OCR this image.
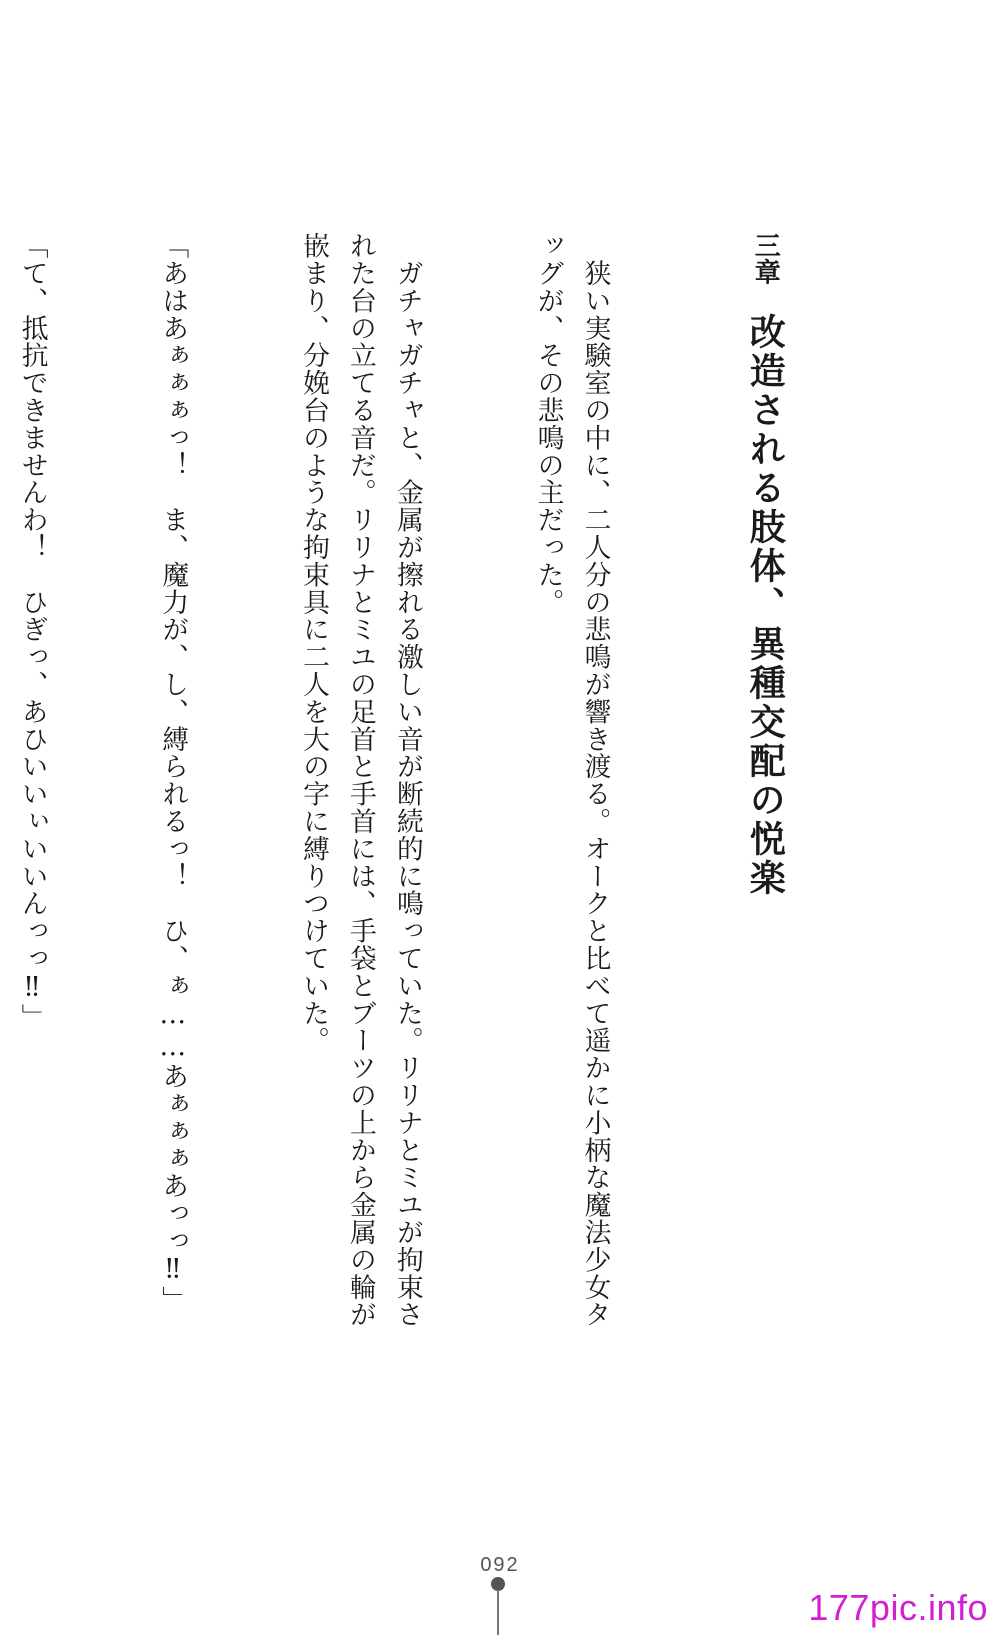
三章　改造される肢体、異種交配の悦楽

　狭い実験室の中に、二人分の悲鳴が響き渡る。オークと比べて遥かに小柄な魔法少女タッグが、その悲鳴の主だった。

　ガチャガチャと、金属が擦れる激しい音が断続的に鳴っていた。リリナとミユが拘束された台の立てる音だ。リリナとミユの足首と手首には、手袋とブーツの上から金属の輪が嵌まり、分娩台のような拘束具に二人を大の字に縛りつけていた。

「あはあぁぁぁっ！　ま、魔力が、し、縛られるっ！　ひ、ぁ……あぁぁぁあっっ‼」

「て、抵抗できませんわ！　ひぎっ、あひいいぃいいんっっ‼」

092
177pic.info
